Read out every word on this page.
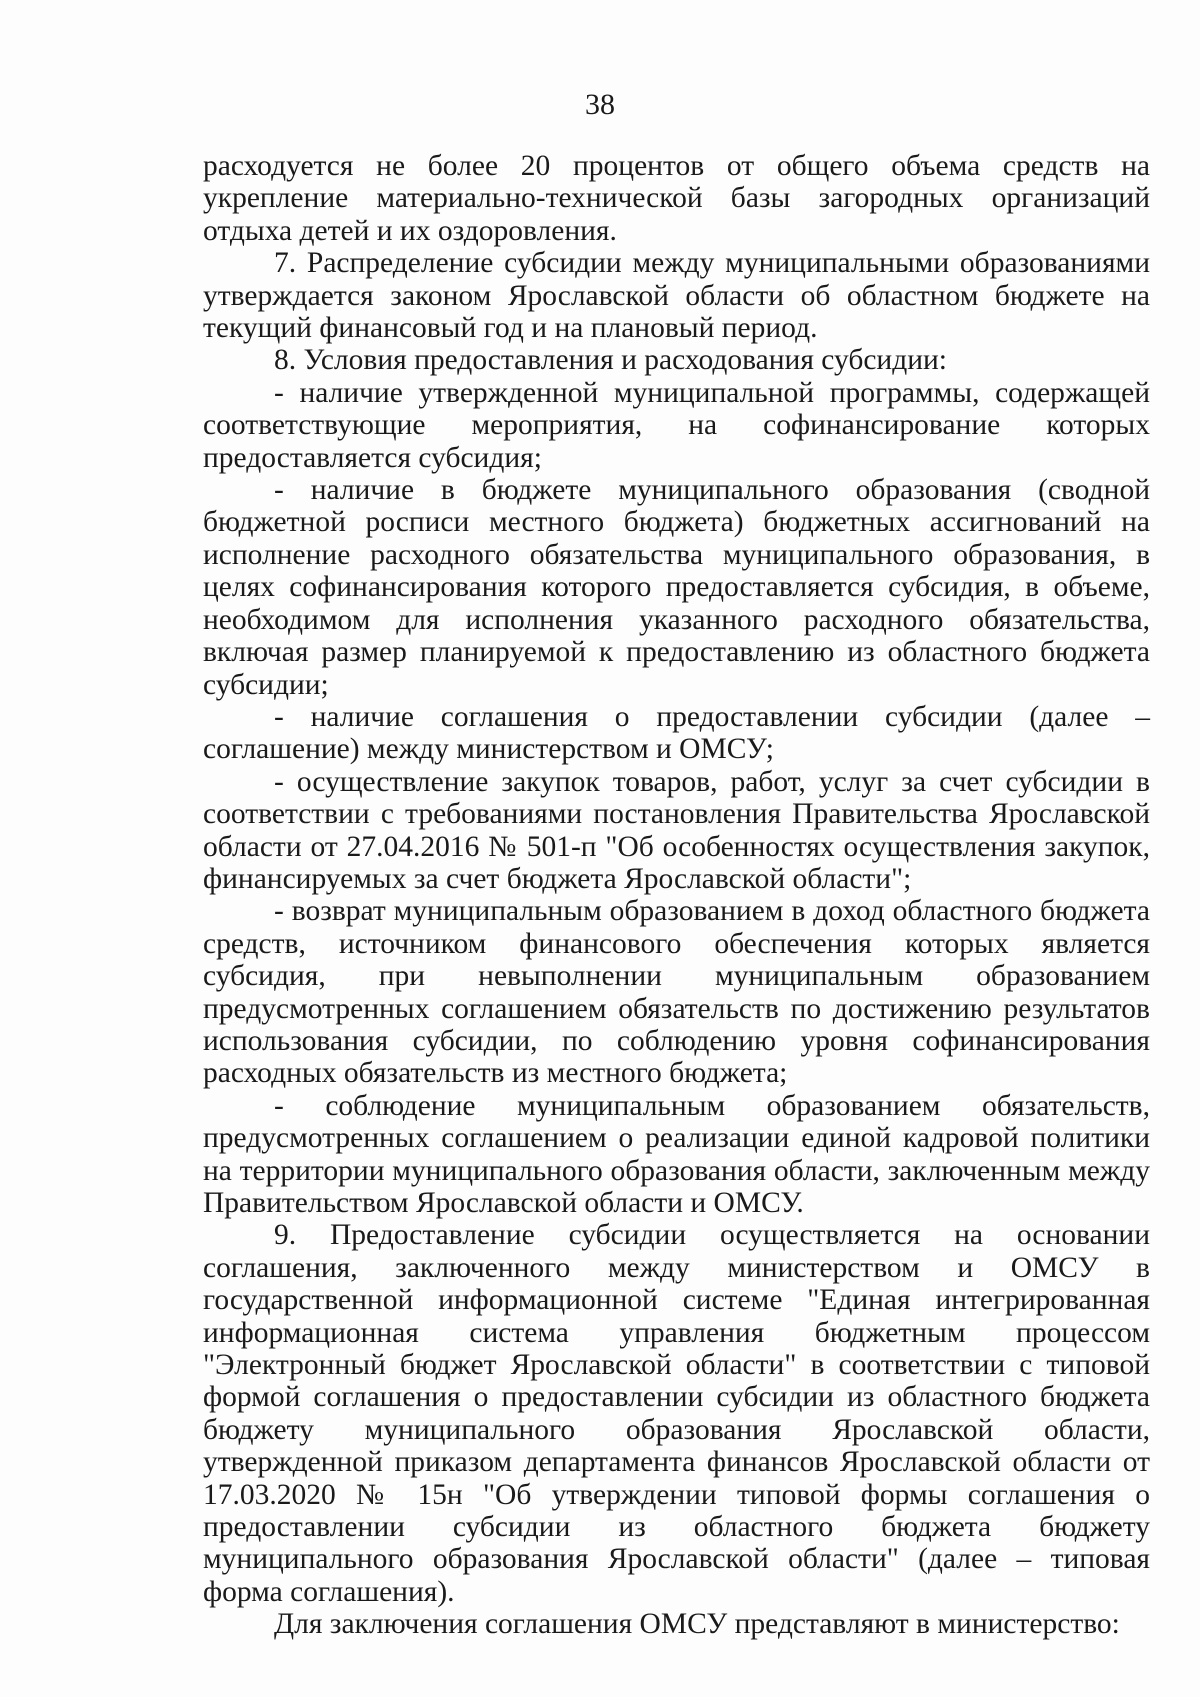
38

расходуется не более 20 процентов от общего объема средств на укрепление материально-технической базы загородных организаций отдыха детей и их оздоровления.

7. Распределение субсидии между муниципальными образованиями утверждается законом Ярославской области об областном бюджете на текущий финансовый год и на плановый период.

8. Условия предоставления и расходования субсидии:

- наличие утвержденной муниципальной программы, содержащей соответствующие мероприятия, на софинансирование которых предоставляется субсидия;

- наличие в бюджете муниципального образования (сводной бюджетной росписи местного бюджета) бюджетных ассигнований на исполнение расходного обязательства муниципального образования, в целях софинансирования которого предоставляется субсидия, в объеме, необходимом для исполнения указанного расходного обязательства, включая размер планируемой к предоставлению из областного бюджета субсидии;

- наличие соглашения о предоставлении субсидии (далее – соглашение) между министерством и ОМСУ;

- осуществление закупок товаров, работ, услуг за счет субсидии в соответствии с требованиями постановления Правительства Ярославской области от 27.04.2016 № 501-п "Об особенностях осуществления закупок, финансируемых за счет бюджета Ярославской области";

- возврат муниципальным образованием в доход областного бюджета средств, источником финансового обеспечения которых является субсидия, при невыполнении муниципальным образованием предусмотренных соглашением обязательств по достижению результатов использования субсидии, по соблюдению уровня софинансирования расходных обязательств из местного бюджета;

- соблюдение муниципальным образованием обязательств, предусмотренных соглашением о реализации единой кадровой политики на территории муниципального образования области, заключенным между Правительством Ярославской области и ОМСУ.

9. Предоставление субсидии осуществляется на основании соглашения, заключенного между министерством и ОМСУ в государственной информационной системе "Единая интегрированная информационная система управления бюджетным процессом "Электронный бюджет Ярославской области" в соответствии с типовой формой соглашения о предоставлении субсидии из областного бюджета бюджету муниципального образования Ярославской области, утвержденной приказом департамента финансов Ярославской области от 17.03.2020 № 15н "Об утверждении типовой формы соглашения о предоставлении субсидии из областного бюджета бюджету муниципального образования Ярославской области" (далее – типовая форма соглашения).

Для заключения соглашения ОМСУ представляют в министерство:
